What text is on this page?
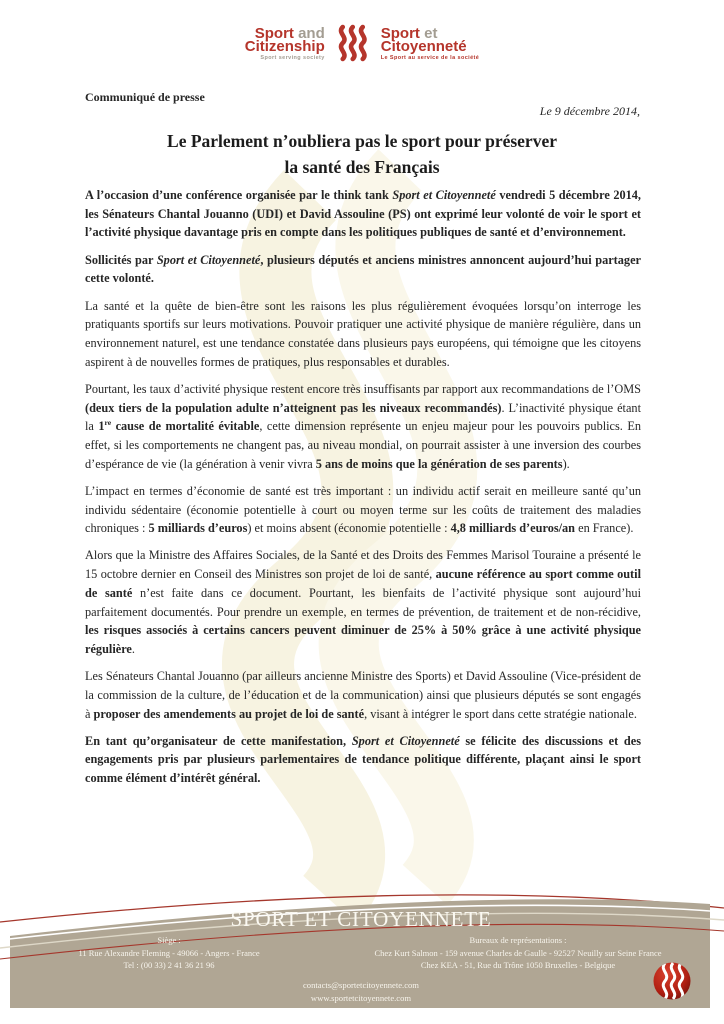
Sport and
Citizenship
Sport serving society
Sport et
Citoyenneté
Le Sport au service de la société
Communiqué de presse
Le 9 décembre 2014,
Le Parlement n’oubliera pas le sport pour préserver
la santé des Français

A l’occasion d’une conférence organisée par le think tank Sport et Citoyenneté vendredi 5 décembre 2014, les Sénateurs Chantal Jouanno (UDI) et David Assouline (PS) ont exprimé leur volonté de voir le sport et l’activité physique davantage pris en compte dans les politiques publiques de santé et d’environnement.

Sollicités par Sport et Citoyenneté, plusieurs députés et anciens ministres annoncent aujourd’hui partager cette volonté.

La santé et la quête de bien-être sont les raisons les plus régulièrement évoquées lorsqu’on interroge les pratiquants sportifs sur leurs motivations. Pouvoir pratiquer une activité physique de manière régulière, dans un environnement naturel, est une tendance constatée dans plusieurs pays européens, qui témoigne que les citoyens aspirent à de nouvelles formes de pratiques, plus responsables et durables.

Pourtant, les taux d’activité physique restent encore très insuffisants par rapport aux recommandations de l’OMS (deux tiers de la population adulte n’atteignent pas les niveaux recommandés). L’inactivité physique étant la 1re cause de mortalité évitable, cette dimension représente un enjeu majeur pour les pouvoirs publics. En effet, si les comportements ne changent pas, au niveau mondial, on pourrait assister à une inversion des courbes d’espérance de vie (la génération à venir vivra 5 ans de moins que la génération de ses parents).

L’impact en termes d’économie de santé est très important : un individu actif serait en meilleure santé qu’un individu sédentaire (économie potentielle à court ou moyen terme sur les coûts de traitement des maladies chroniques : 5 milliards d’euros) et moins absent (économie potentielle : 4,8 milliards d’euros/an en France).

Alors que la Ministre des Affaires Sociales, de la Santé et des Droits des Femmes Marisol Touraine a présenté le 15 octobre dernier en Conseil des Ministres son projet de loi de santé, aucune référence au sport comme outil de santé n’est faite dans ce document. Pourtant, les bienfaits de l’activité physique sont aujourd’hui parfaitement documentés. Pour prendre un exemple, en termes de prévention, de traitement et de non-récidive, les risques associés à certains cancers peuvent diminuer de 25% à 50% grâce à une activité physique régulière.

Les Sénateurs Chantal Jouanno (par ailleurs ancienne Ministre des Sports) et David Assouline (Vice-président de la commission de la culture, de l’éducation et de la communication) ainsi que plusieurs députés se sont engagés à proposer des amendements au projet de loi de santé, visant à intégrer le sport dans cette stratégie nationale.

En tant qu’organisateur de cette manifestation, Sport et Citoyenneté se félicite des discussions et des engagements pris par plusieurs parlementaires de tendance politique différente, plaçant ainsi le sport comme élément d’intérêt général.

SPORT ET CITOYENNETE
Siège :
11 Rue Alexandre Fleming - 49066 - Angers - France
Tel : (00 33) 2 41 36 21 96
Bureaux de représentations :
Chez Kurt Salmon - 159 avenue Charles de Gaulle - 92527 Neuilly sur Seine France
Chez KEA - 51, Rue du Trône 1050 Bruxelles - Belgique
contacts@sportetcitoyennete.com
www.sportetcitoyennete.com
